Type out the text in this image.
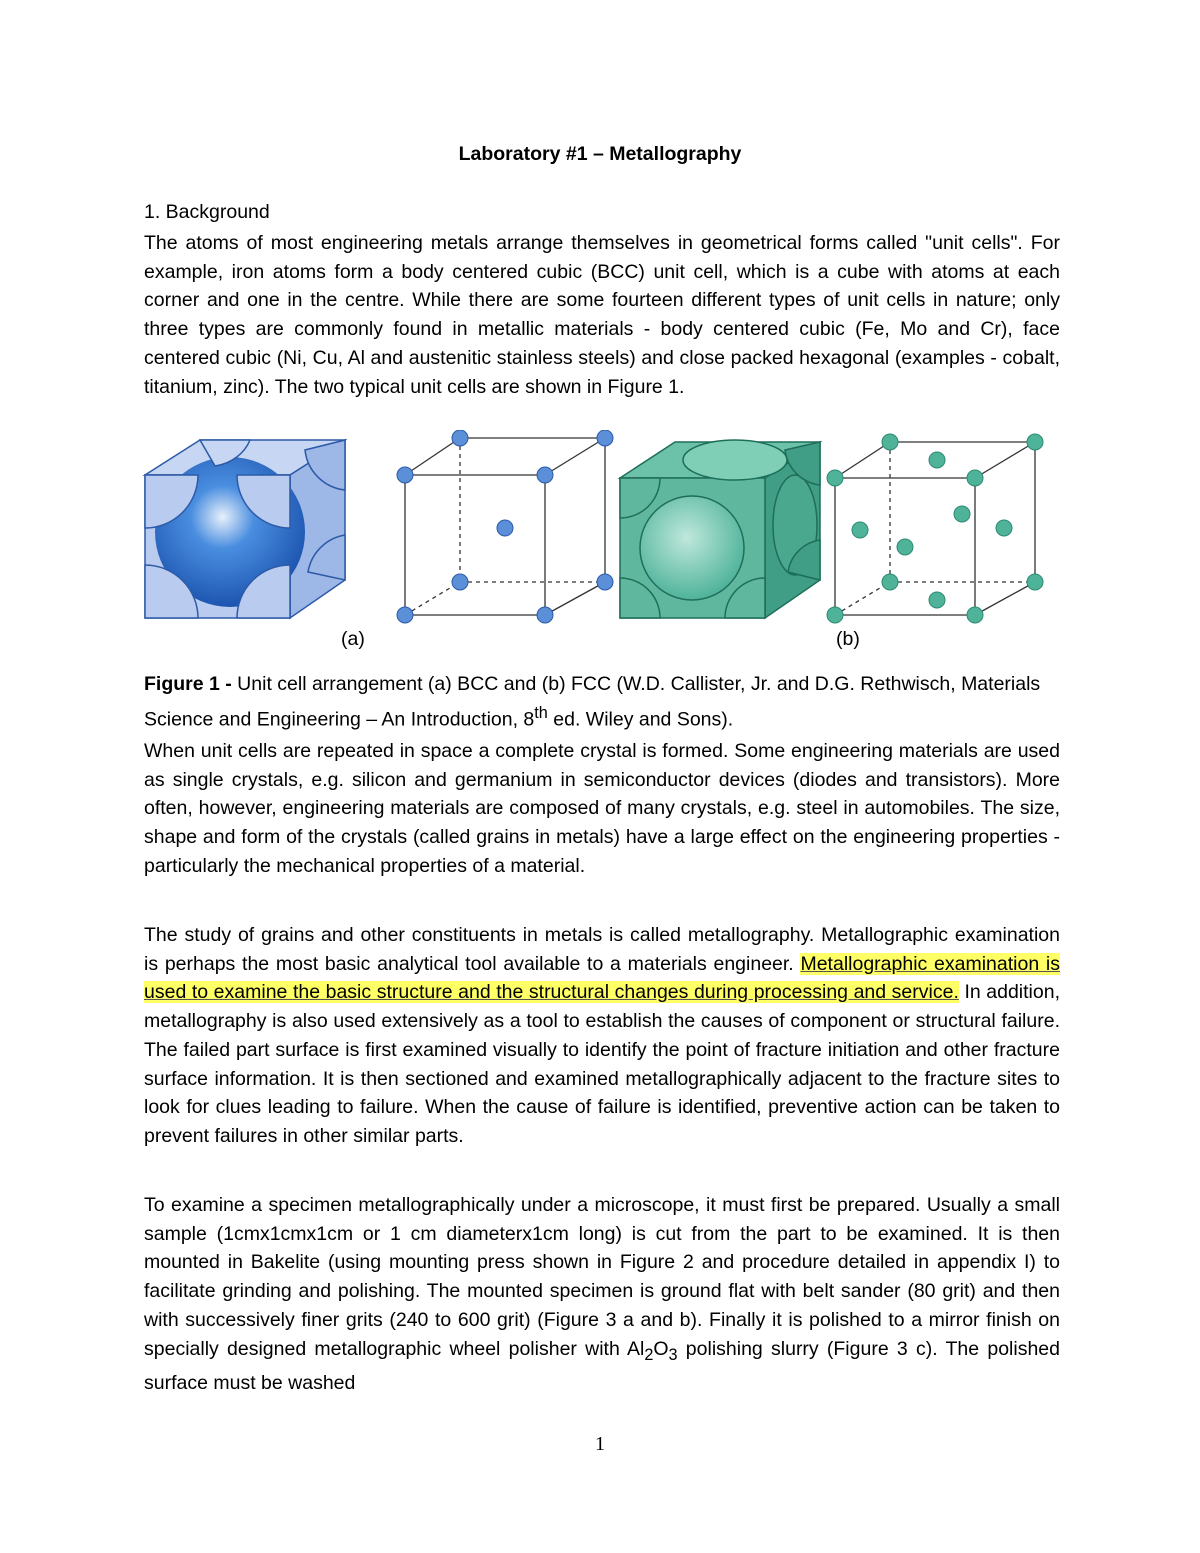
Laboratory #1 – Metallography
1. Background

The atoms of most engineering metals arrange themselves in geometrical forms called "unit cells". For example, iron atoms form a body centered cubic (BCC) unit cell, which is a cube with atoms at each corner and one in the centre. While there are some fourteen different types of unit cells in nature; only three types are commonly found in metallic materials - body centered cubic (Fe, Mo and Cr), face centered cubic (Ni, Cu, Al and austenitic stainless steels) and close packed hexagonal (examples - cobalt, titanium, zinc). The two typical unit cells are shown in Figure 1.

(a)	(b)

Figure 1 - Unit cell arrangement (a) BCC and (b) FCC (W.D. Callister, Jr. and D.G. Rethwisch, Materials Science and Engineering – An Introduction, 8th ed. Wiley and Sons).

When unit cells are repeated in space a complete crystal is formed. Some engineering materials are used as single crystals, e.g. silicon and germanium in semiconductor devices (diodes and transistors). More often, however, engineering materials are composed of many crystals, e.g. steel in automobiles. The size, shape and form of the crystals (called grains in metals) have a large effect on the engineering properties - particularly the mechanical properties of a material.

The study of grains and other constituents in metals is called metallography. Metallographic examination is perhaps the most basic analytical tool available to a materials engineer. Metallographic examination is used to examine the basic structure and the structural changes during processing and service. In addition, metallography is also used extensively as a tool to establish the causes of component or structural failure. The failed part surface is first examined visually to identify the point of fracture initiation and other fracture surface information. It is then sectioned and examined metallographically adjacent to the fracture sites to look for clues leading to failure. When the cause of failure is identified, preventive action can be taken to prevent failures in other similar parts.

To examine a specimen metallographically under a microscope, it must first be prepared. Usually a small sample (1cmx1cmx1cm or 1 cm diameterx1cm long) is cut from the part to be examined. It is then mounted in Bakelite (using mounting press shown in Figure 2 and procedure detailed in appendix I) to facilitate grinding and polishing. The mounted specimen is ground flat with belt sander (80 grit) and then with successively finer grits (240 to 600 grit) (Figure 3 a and b). Finally it is polished to a mirror finish on specially designed metallographic wheel polisher with $Al_2O_3$ polishing slurry (Figure 3 c). The polished surface must be washed

1
